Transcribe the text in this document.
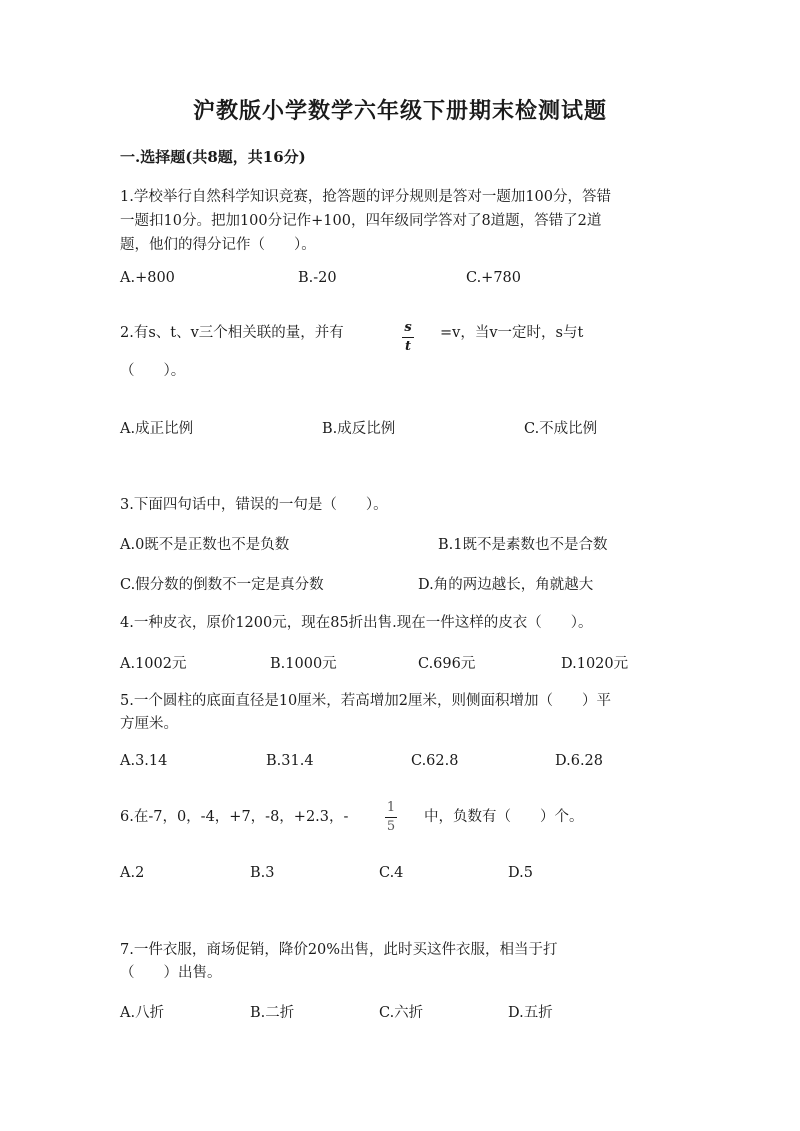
沪教版小学数学六年级下册期末检测试题
一.选择题(共8题，共16分)
1.学校举行自然科学知识竞赛，抢答题的评分规则是答对一题加100分，答错
一题扣10分。把加100分记作+100，四年级同学答对了8道题，答错了2道
题，他们的得分记作（　　）。
A.+800	B.-20	C.+780
2.有s、t、v三个相关联的量，并有	s
t
=v，当v一定时，s与t
（　　）。
A.成正比例	B.成反比例	C.不成比例
3.下面四句话中，错误的一句是（　　）。
A.0既不是正数也不是负数	B.1既不是素数也不是合数
C.假分数的倒数不一定是真分数	D.角的两边越长，角就越大
4.一种皮衣，原价1200元，现在85折出售.现在一件这样的皮衣（　　）。
A.1002元	B.1000元	C.696元	D.1020元
5.一个圆柱的底面直径是10厘米，若高增加2厘米，则侧面积增加（　　）平
方厘米。
A.3.14	B.31.4	C.62.8	D.6.28
6.在-7，0，-4，+7，-8，+2.3，-
1
5
中，负数有（　　）个。
A.2	B.3	C.4	D.5
7.一件衣服，商场促销，降价20%出售，此时买这件衣服，相当于打
（　　）出售。
A.八折	B.二折	C.六折	D.五折
